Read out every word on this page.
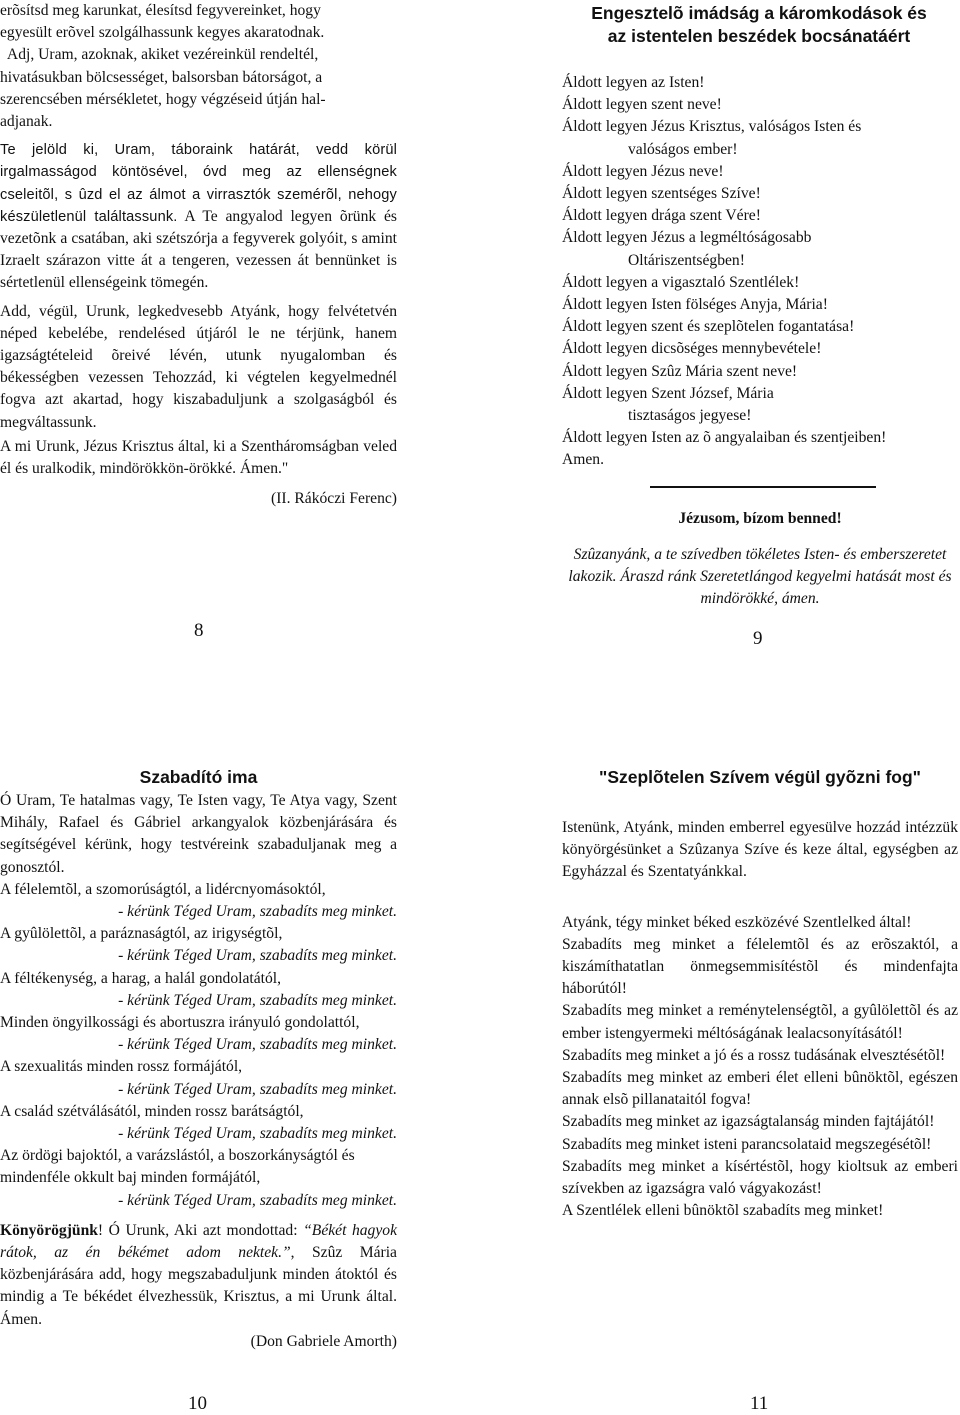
erõsítsd meg karunkat, élesítsd fegyvereinket, hogy

egyesült erõvel szolgálhassunk kegyes akaratodnak.

Adj, Uram, azoknak, akiket vezéreinkül rendeltél,

hivatásukban bölcsességet, balsorsban bátorságot, a

szerencsében mérsékletet, hogy végzéseid útján hal-

adjanak.

Te jelöld ki, Uram, táboraink határát, vedd körül irgalmasságod köntösével, óvd meg az ellenségnek cseleitõl, s ûzd el az álmot a virrasztók szemérõl, nehogy készületlenül találtassunk. A Te angyalod legyen õrünk és vezetõnk a csatában, aki szétszórja a fegyverek golyóit, s amint Izraelt szárazon vitte át a tengeren, vezessen át bennünket is sértetlenül ellenségeink tömegén.

Add, végül, Urunk, legkedvesebb Atyánk, hogy felvétetvén néped kebelébe, rendelésed útjáról le ne térjünk, hanem igazságtételeid õreivé lévén, utunk nyugalomban és békességben vezessen Tehozzád, ki végtelen kegyelmednél fogva azt akartad, hogy kiszabaduljunk a szolgaságból és megváltassunk.

A mi Urunk, Jézus Krisztus által, ki a Szentháromságban veled él és uralkodik, mindörökkön-örökké. Ámen."

(II. Rákóczi Ferenc)

8

Engesztelõ imádság a káromkodások és

az istentelen beszédek bocsánatáért

Áldott legyen az Isten!

Áldott legyen szent neve!

Áldott legyen Jézus Krisztus, valóságos Isten és

valóságos ember!

Áldott legyen Jézus neve!

Áldott legyen szentséges Szíve!

Áldott legyen drága szent Vére!

Áldott legyen Jézus a legméltóságosabb

Oltáriszentségben!

Áldott legyen a vigasztaló Szentlélek!

Áldott legyen Isten fölséges Anyja, Mária!

Áldott legyen szent és szeplõtelen fogantatása!

Áldott legyen dicsõséges mennybevétele!

Áldott legyen Szûz Mária szent neve!

Áldott legyen Szent József, Mária

tisztaságos jegyese!

Áldott legyen Isten az õ angyalaiban és szentjeiben!

Amen.

Jézusom, bízom benned!

Szûzanyánk, a te szívedben tökéletes Isten- és emberszeretet lakozik. Áraszd ránk Szeretetlángod kegyelmi hatását most és mindörökké, ámen.

9

Szabadító ima

Ó Uram, Te hatalmas vagy, Te Isten vagy, Te Atya vagy, Szent Mihály, Rafael és Gábriel arkangyalok közbenjárására és segítségével kérünk, hogy testvéreink szabaduljanak meg a gonosztól.

A félelemtõl, a szomorúságtól, a lidércnyomásoktól,

- kérünk Téged Uram, szabadíts meg minket.

A gyûlölettõl, a paráznaságtól, az irigységtõl,

- kérünk Téged Uram, szabadíts meg minket.

A féltékenység, a harag, a halál gondolatától,

- kérünk Téged Uram, szabadíts meg minket.

Minden öngyilkossági és abortuszra irányuló gondolattól,

- kérünk Téged Uram, szabadíts meg minket.

A szexualitás minden rossz formájától,

- kérünk Téged Uram, szabadíts meg minket.

A család szétválásától, minden rossz barátságtól,

- kérünk Téged Uram, szabadíts meg minket.

Az ördögi bajoktól, a varázslástól, a boszorkányságtól és mindenféle okkult baj minden formájától,

- kérünk Téged Uram, szabadíts meg minket.

Könyörögjünk! Ó Urunk, Aki azt mondottad: “Békét hagyok rátok, az én békémet adom nektek.”, Szûz Mária közbenjárására add, hogy megszabaduljunk minden átoktól és mindig a Te békédet élvezhessük, Krisztus, a mi Urunk által. Ámen.

(Don Gabriele Amorth)

10

"Szeplõtelen Szívem végül gyõzni fog"

Istenünk, Atyánk, minden emberrel egyesülve hozzád intézzük könyörgésünket a Szûzanya Szíve és keze által, egységben az Egyházzal és Szentatyánkkal.

Atyánk, tégy minket béked eszközévé Szentlelked által!

Szabadíts meg minket a félelemtõl és az erõszaktól, a kiszámíthatatlan önmegsemmisítéstõl és mindenfajta háborútól!

Szabadíts meg minket a reménytelenségtõl, a gyûlölettõl és az ember istengyermeki méltóságának lealacsonyításától!

Szabadíts meg minket a jó és a rossz tudásának elvesztésétõl!

Szabadíts meg minket az emberi élet elleni bûnöktõl, egészen annak elsõ pillanataitól fogva!

Szabadíts meg minket az igazságtalanság minden fajtájától!

Szabadíts meg minket isteni parancsolataid megszegésétõl!

Szabadíts meg minket a kísértéstõl, hogy kioltsuk az emberi szívekben az igazságra való vágyakozást!

A Szentlélek elleni bûnöktõl szabadíts meg minket!

11
